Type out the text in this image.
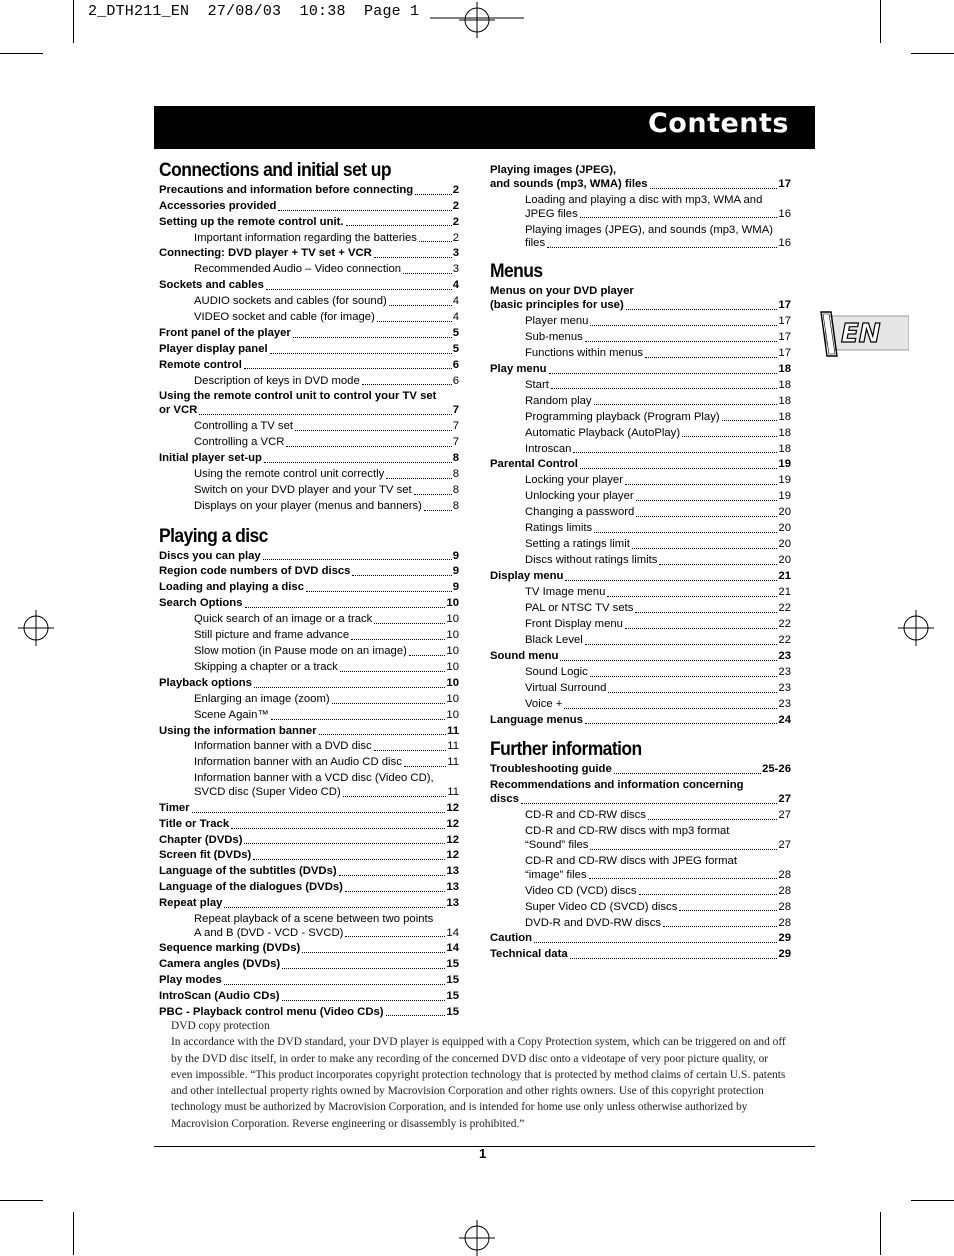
2_DTH211_EN  27/08/03  10:38  Page 1
Contents
EN
Connections and initial set up
Precautions and information before connecting	2
Accessories provided	2
Setting up the remote control unit.	2
Important information regarding the batteries	2
Connecting: DVD player + TV set + VCR	3
Recommended Audio – Video connection	3
Sockets and cables	4
AUDIO sockets and cables (for sound)	4
VIDEO socket and cable (for image)	4
Front panel of the player	5
Player display panel	5
Remote control	6
Description of keys in DVD mode	6
Using the remote control unit to control your TV set
or VCR	7
Controlling a TV set	7
Controlling a VCR	7
Initial player set-up	8
Using the remote control unit correctly	8
Switch on your DVD player and your TV set	8
Displays on your player (menus and banners)	8
Playing a disc
Discs you can play	9
Region code numbers of DVD discs	9
Loading and playing a disc	9
Search Options	10
Quick search of an image or a track	10
Still picture and frame advance	10
Slow motion (in Pause mode on an image)	10
Skipping a chapter or a track	10
Playback options	10
Enlarging an image (zoom)	10
Scene Again™	10
Using the information banner	11
Information banner with a DVD disc	11
Information banner with an Audio CD disc	11
Information banner with a VCD disc (Video CD),
SVCD disc (Super Video CD)	11
Timer	12
Title or Track	12
Chapter (DVDs)	12
Screen fit (DVDs)	12
Language of the subtitles (DVDs)	13
Language of the dialogues (DVDs)	13
Repeat play	13
Repeat playback of a scene between two points
A and B (DVD - VCD - SVCD)	14
Sequence marking (DVDs)	14
Camera angles (DVDs)	15
Play modes	15
IntroScan (Audio CDs)	15
PBC - Playback control menu (Video CDs)	15
Playing images (JPEG),
and sounds (mp3, WMA) files	17
Loading and playing a disc with mp3, WMA and
JPEG files	16
Playing images (JPEG), and sounds (mp3, WMA)
files	16
Menus
Menus on your DVD player
(basic principles for use)	17
Player menu	17
Sub-menus	17
Functions within menus	17
Play menu	18
Start	18
Random play	18
Programming playback (Program Play)	18
Automatic Playback (AutoPlay)	18
Introscan	18
Parental Control	19
Locking your player	19
Unlocking your player	19
Changing a password	20
Ratings limits	20
Setting a ratings limit	20
Discs without ratings limits	20
Display menu	21
TV Image menu	21
PAL or NTSC TV sets	22
Front Display menu	22
Black Level	22
Sound menu	23
Sound Logic	23
Virtual Surround	23
Voice +	23
Language menus	24
Further information
Troubleshooting guide	25-26
Recommendations and information concerning
discs	27
CD-R and CD-RW discs	27
CD-R and CD-RW discs with mp3 format
“Sound” files	27
CD-R and CD-RW discs with JPEG format
“image” files	28
Video CD (VCD) discs	28
Super Video CD (SVCD) discs	28
DVD-R and DVD-RW discs	28
Caution	29
Technical data	29
DVD copy protection
In accordance with the DVD standard, your DVD player is equipped with a Copy Protection system, which can be triggered on and off by the DVD disc itself, in order to make any recording of the concerned DVD disc onto a videotape of very poor picture quality, or even impossible. “This product incorporates copyright protection technology that is protected by method claims of certain U.S. patents and other intellectual property rights owned by Macrovision Corporation and other rights owners. Use of this copyright protection technology must be authorized by Macrovision Corporation, and is intended for home use only unless otherwise authorized by Macrovision Corporation. Reverse engineering or disassembly is prohibited.”
1
